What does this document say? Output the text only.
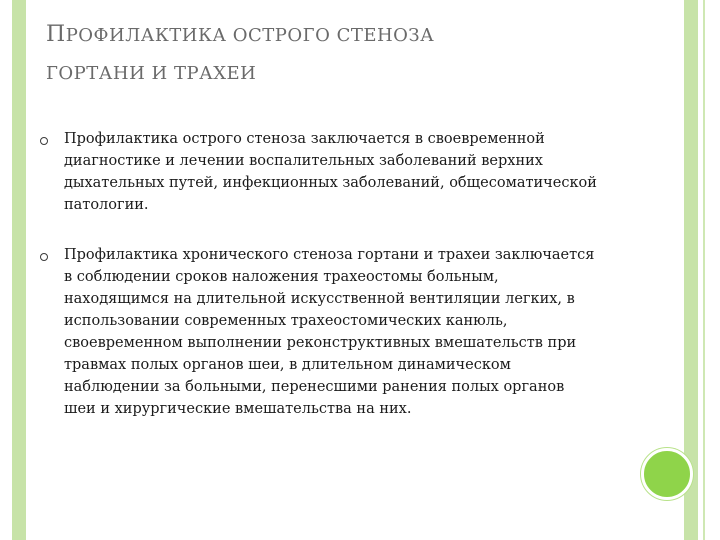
ПРОФИЛАКТИКА ОСТРОГО СТЕНОЗА
ГОРТАНИ И ТРАХЕИ
Профилактика острого стеноза заключается в своевременной диагностике и лечении воспалительных заболеваний верхних дыхательных путей, инфекционных заболеваний, общесоматической патологии.
Профилактика хронического стеноза гортани и трахеи заключается в соблюдении сроков наложения трахеостомы больным, находящимся на длительной искусственной вентиляции легких, в использовании современных трахеостомических канюль, своевременном выполнении реконструктивных вмешательств при травмах полых органов шеи, в длительном динамическом наблюдении за больными, перенесшими ранения полых органов шеи и хирургические вмешательства на них.
